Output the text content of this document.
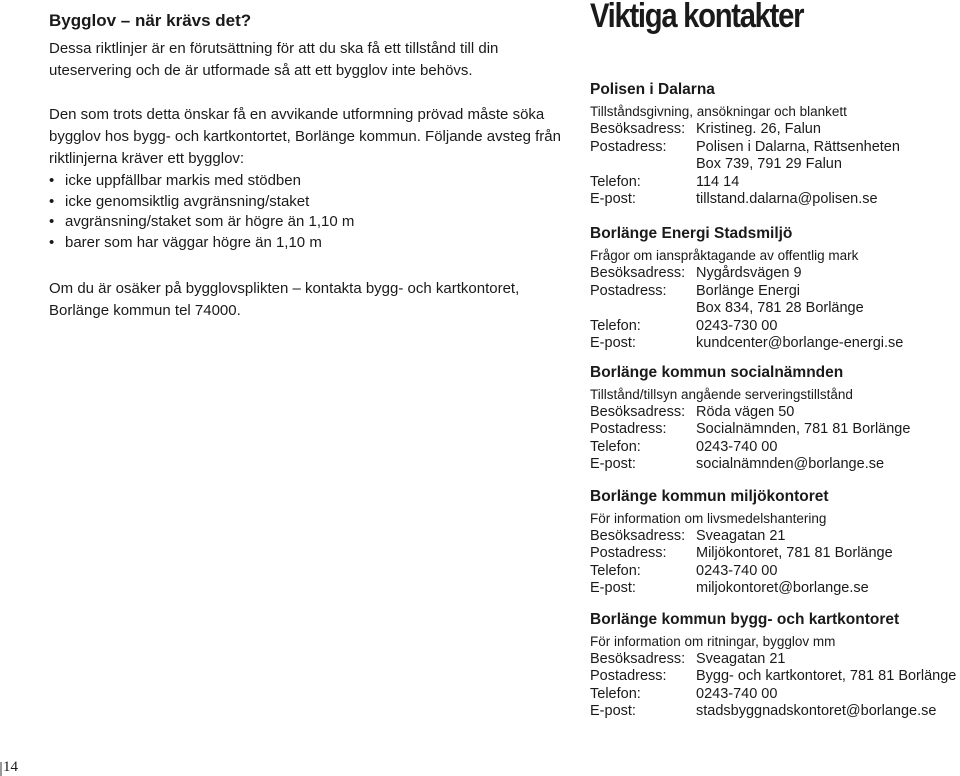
Bygglov – när krävs det?
Dessa riktlinjer är en förutsättning för att du ska få ett tillstånd till din
uteservering och de är utformade så att ett bygglov inte behövs.
Den som trots detta önskar få en avvikande utformning prövad måste söka
bygglov hos bygg- och kartkontortet, Borlänge kommun. Följande avsteg från
riktlinjerna kräver ett bygglov:
• icke uppfällbar markis med stödben
• icke genomsiktlig avgränsning/staket
• avgränsning/staket som är högre än 1,10 m
• barer som har väggar högre än 1,10 m
Om du är osäker på bygglovsplikten – kontakta bygg- och kartkontoret,
Borlänge kommun tel 74000.
Viktiga kontakter
Polisen i Dalarna
Tillståndsgivning, ansökningar och blankett
Besöksadress: Kristineg. 26, Falun
Postadress: Polisen i Dalarna, Rättsenheten
Box 739, 791 29 Falun
Telefon:	114 14
E-post:	tillstand.dalarna@polisen.se
Borlänge Energi Stadsmiljö
Frågor om ianspråktagande av offentlig mark
Besöksadress: Nygårdsvägen 9
Postadress: Borlänge Energi
Box 834, 781 28 Borlänge
Telefon:	0243-730 00
E-post:	kundcenter@borlange-energi.se
Borlänge kommun socialnämnden
Tillstånd/tillsyn angående serveringstillstånd
Besöksadress: Röda vägen 50
Postadress: Socialnämnden, 781 81 Borlänge
Telefon:	0243-740 00
E-post:	socialnämnden@borlange.se
Borlänge kommun miljökontoret
För information om livsmedelshantering
Besöksadress: Sveagatan 21
Postadress: Miljökontoret, 781 81 Borlänge
Telefon:	0243-740 00
E-post:	miljokontoret@borlange.se
Borlänge kommun bygg- och kartkontoret
För information om ritningar, bygglov mm
Besöksadress: Sveagatan 21
Postadress: Bygg- och kartkontoret, 781 81 Borlänge
Telefon:	0243-740 00
E-post:	stadsbyggnadskontoret@borlange.se
14
